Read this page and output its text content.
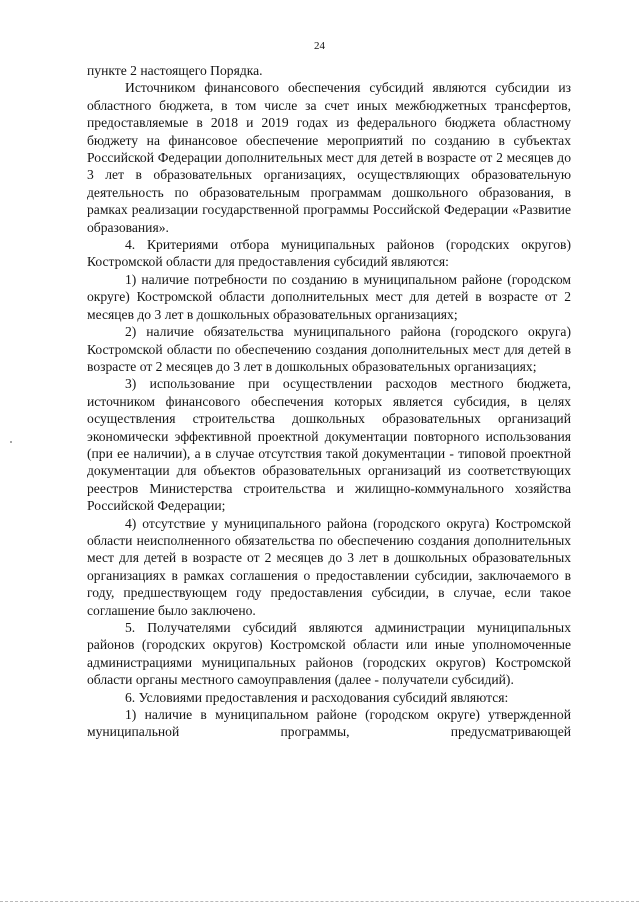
24

пункте 2 настоящего Порядка.

Источником финансового обеспечения субсидий являются субсидии из областного бюджета, в том числе за счет иных межбюджетных трансфертов, предоставляемые в 2018 и 2019 годах из федерального бюджета областному бюджету на финансовое обеспечение мероприятий по созданию в субъектах Российской Федерации дополнительных мест для детей в возрасте от 2 месяцев до 3 лет в образовательных организациях, осуществляющих образовательную деятельность по образовательным программам дошкольного образования, в рамках реализации государственной программы Российской Федерации «Развитие образования».

4. Критериями отбора муниципальных районов (городских округов) Костромской области для предоставления субсидий являются:

1) наличие потребности по созданию в муниципальном районе (городском округе) Костромской области дополнительных мест для детей в возрасте от 2 месяцев до 3 лет в дошкольных образовательных организациях;

2) наличие обязательства муниципального района (городского округа) Костромской области по обеспечению создания дополнительных мест для детей в возрасте от 2 месяцев до 3 лет в дошкольных образовательных организациях;

3) использование при осуществлении расходов местного бюджета, источником финансового обеспечения которых является субсидия, в целях осуществления строительства дошкольных образовательных организаций экономически эффективной проектной документации повторного использования (при ее наличии), а в случае отсутствия такой документации - типовой проектной документации для объектов образовательных организаций из соответствующих реестров Министерства строительства и жилищно-коммунального хозяйства Российской Федерации;

4) отсутствие у муниципального района (городского округа) Костромской области неисполненного обязательства по обеспечению создания дополнительных мест для детей в возрасте от 2 месяцев до 3 лет в дошкольных образовательных организациях в рамках соглашения о предоставлении субсидии, заключаемого в году, предшествующем году предоставления субсидии, в случае, если такое соглашение было заключено.

5. Получателями субсидий являются администрации муниципальных районов (городских округов) Костромской области или иные уполномоченные администрациями муниципальных районов (городских округов) Костромской области органы местного самоуправления (далее - получатели субсидий).

6. Условиями предоставления и расходования субсидий являются:

1) наличие в муниципальном районе (городском округе) утвержденной муниципальной программы, предусматривающей
